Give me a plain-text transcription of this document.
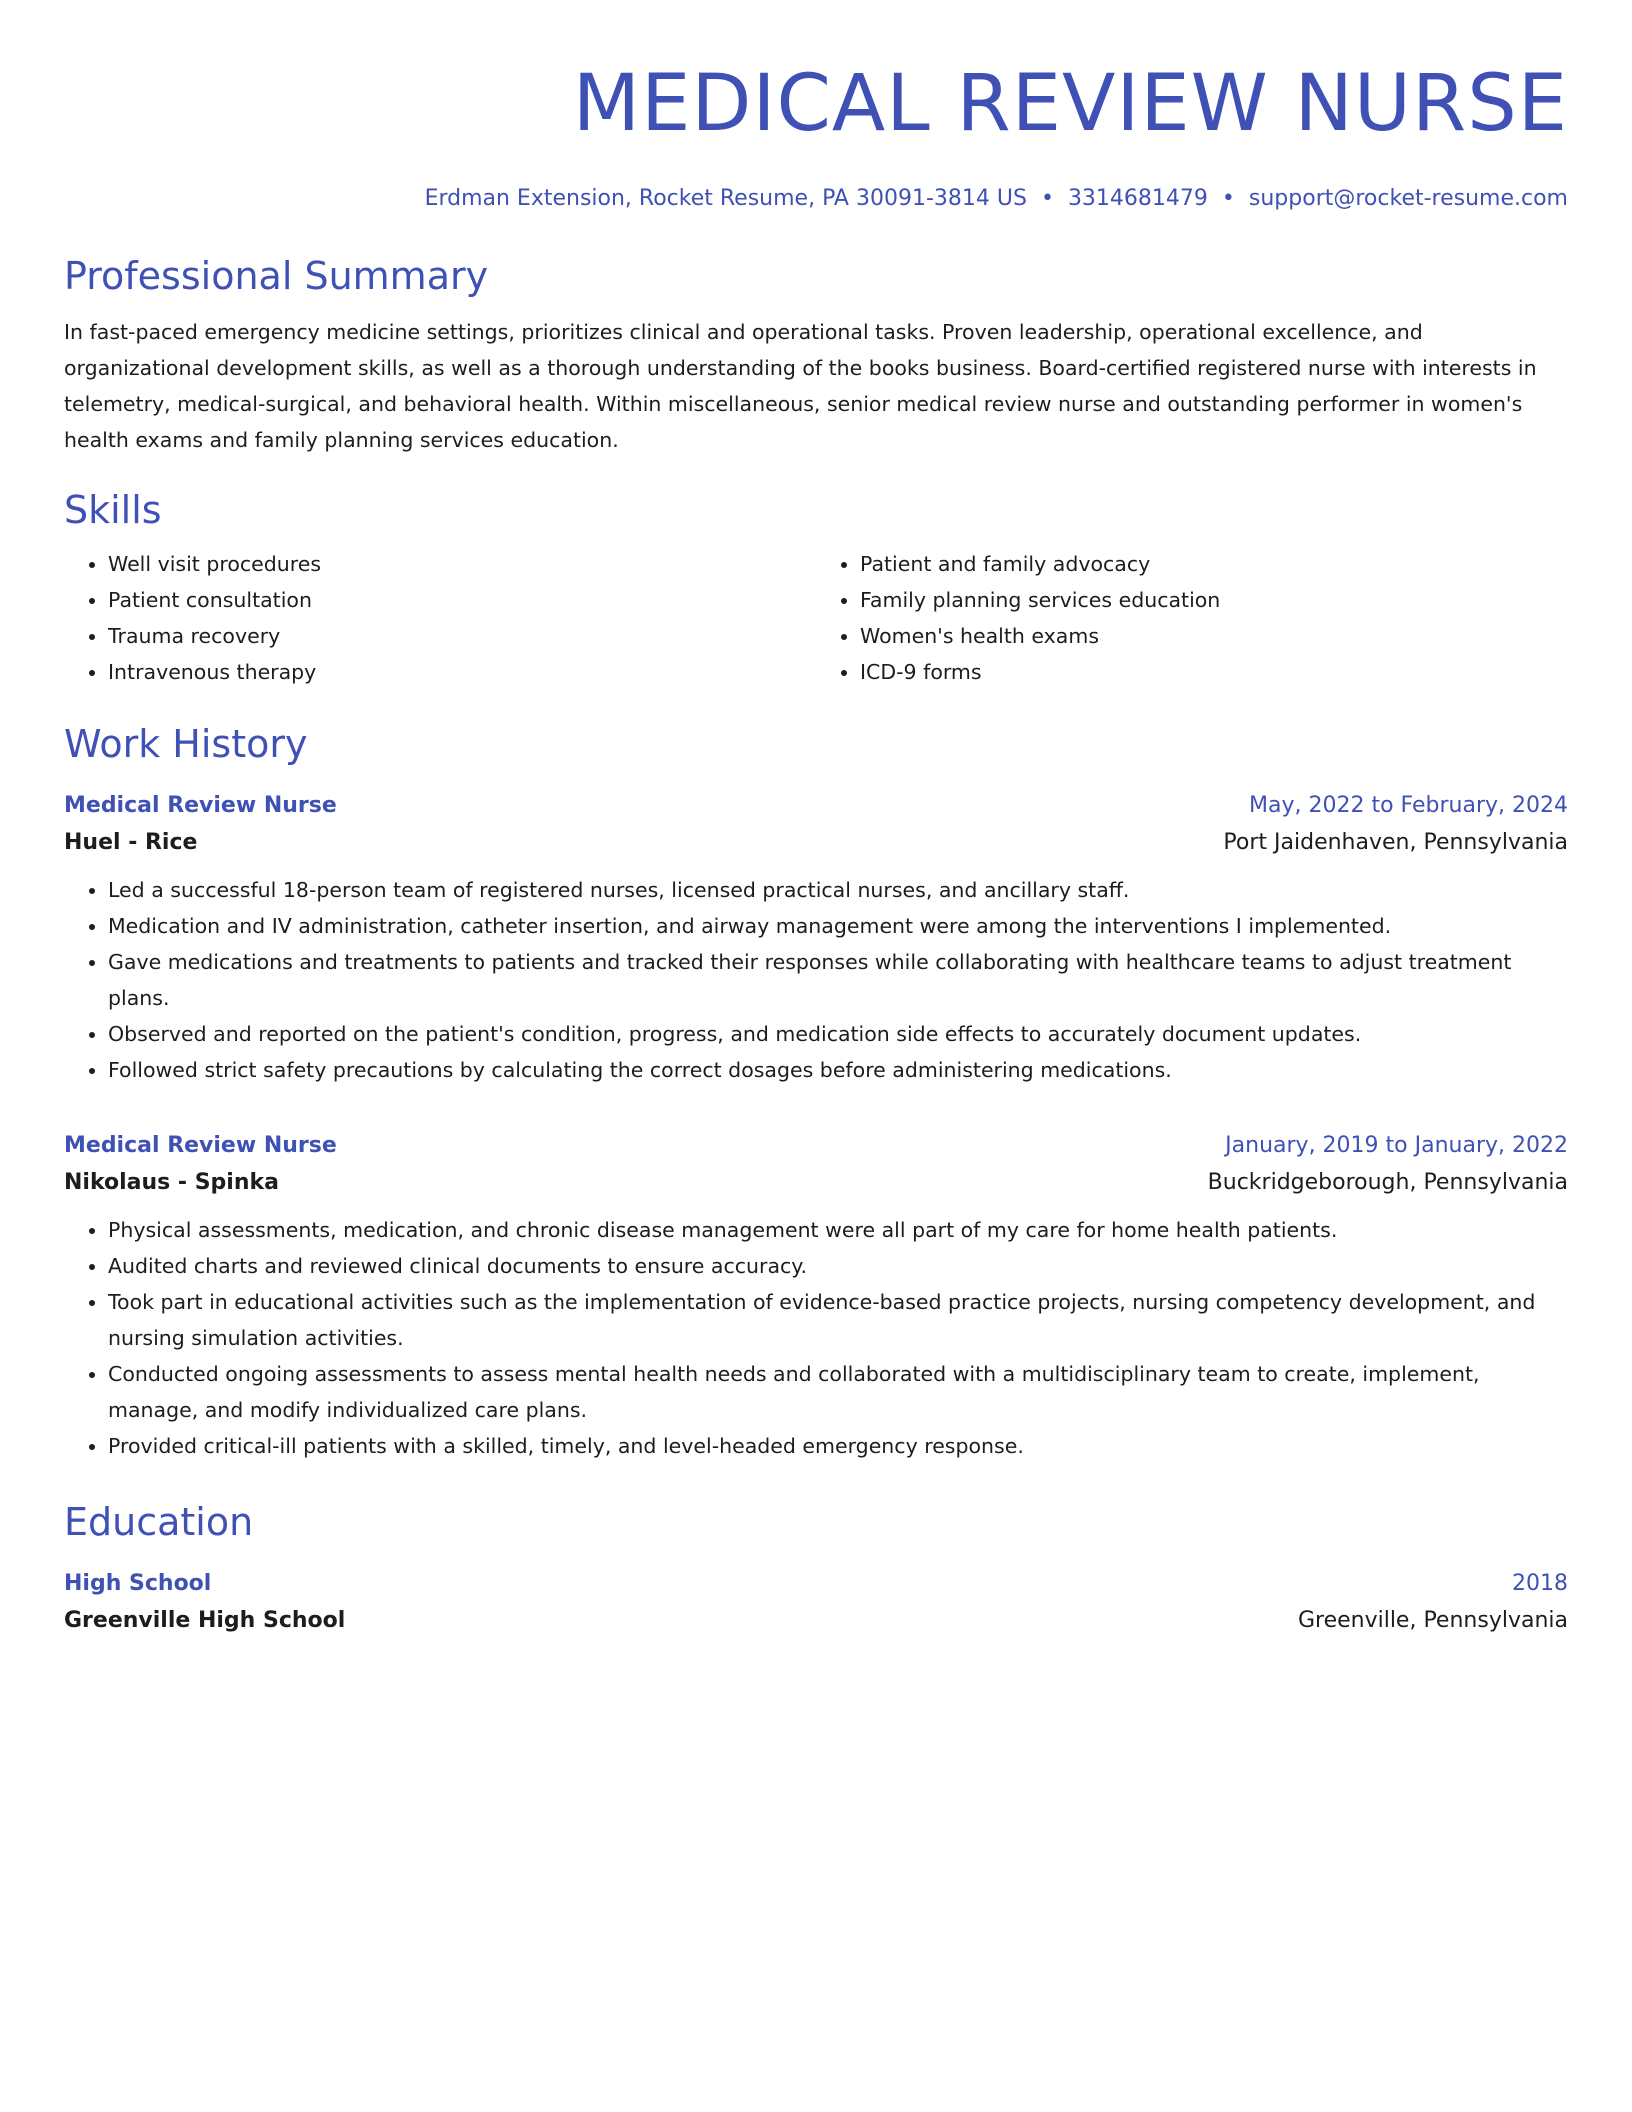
MEDICAL REVIEW NURSE
Erdman Extension, Rocket Resume, PA 30091-3814 US • 3314681479 • support@rocket-resume.com
Professional Summary
In fast-paced emergency medicine settings, prioritizes clinical and operational tasks. Proven leadership, operational excellence, and organizational development skills, as well as a thorough understanding of the books business. Board-certified registered nurse with interests in telemetry, medical-surgical, and behavioral health. Within miscellaneous, senior medical review nurse and outstanding performer in women's health exams and family planning services education.
Skills
• Well visit procedures
• Patient consultation
• Trauma recovery
• Intravenous therapy
• Patient and family advocacy
• Family planning services education
• Women's health exams
• ICD-9 forms
Work History
Medical Review Nurse	May, 2022 to February, 2024
Huel - Rice	Port Jaidenhaven, Pennsylvania
• Led a successful 18-person team of registered nurses, licensed practical nurses, and ancillary staff.
• Medication and IV administration, catheter insertion, and airway management were among the interventions I implemented.
• Gave medications and treatments to patients and tracked their responses while collaborating with healthcare teams to adjust treatment plans.
• Observed and reported on the patient's condition, progress, and medication side effects to accurately document updates.
• Followed strict safety precautions by calculating the correct dosages before administering medications.
Medical Review Nurse	January, 2019 to January, 2022
Nikolaus - Spinka	Buckridgeborough, Pennsylvania
• Physical assessments, medication, and chronic disease management were all part of my care for home health patients.
• Audited charts and reviewed clinical documents to ensure accuracy.
• Took part in educational activities such as the implementation of evidence-based practice projects, nursing competency development, and nursing simulation activities.
• Conducted ongoing assessments to assess mental health needs and collaborated with a multidisciplinary team to create, implement, manage, and modify individualized care plans.
• Provided critical-ill patients with a skilled, timely, and level-headed emergency response.
Education
High School	2018
Greenville High School	Greenville, Pennsylvania
